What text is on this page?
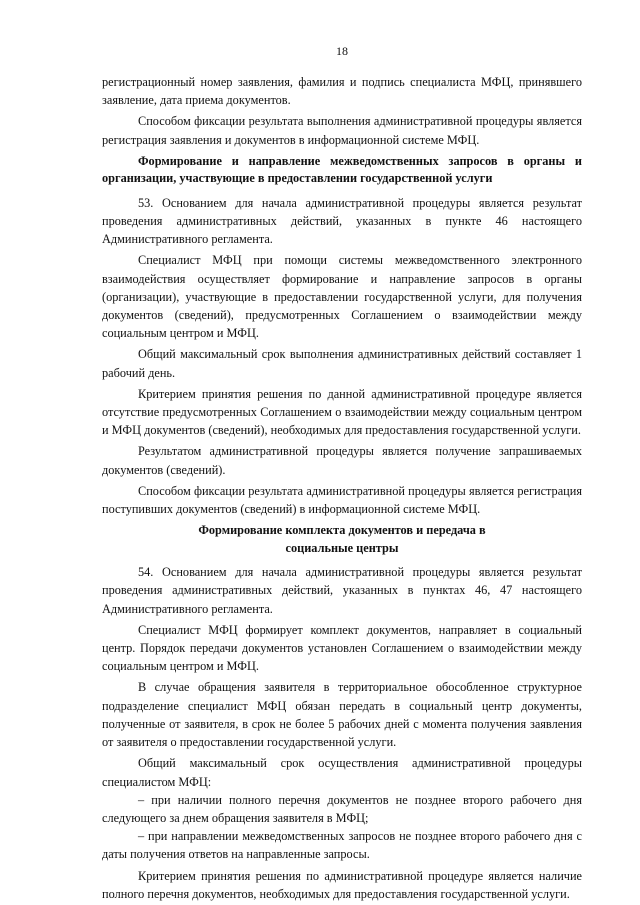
18

регистрационный номер заявления, фамилия и подпись специалиста МФЦ, принявшего заявление, дата приема документов.

Способом фиксации результата выполнения административной процедуры является регистрация заявления и документов в информационной системе МФЦ.

Формирование и направление межведомственных запросов в органы и организации, участвующие в предоставлении государственной услуги

53. Основанием для начала административной процедуры является результат проведения административных действий, указанных в пункте 46 настоящего Административного регламента.

Специалист МФЦ при помощи системы межведомственного электронного взаимодействия осуществляет формирование и направление запросов в органы (организации), участвующие в предоставлении государственной услуги, для получения документов (сведений), предусмотренных Соглашением о взаимодействии между социальным центром и МФЦ.

Общий максимальный срок выполнения административных действий составляет 1 рабочий день.

Критерием принятия решения по данной административной процедуре является отсутствие предусмотренных Соглашением о взаимодействии между социальным центром и МФЦ документов (сведений), необходимых для предоставления государственной услуги.

Результатом административной процедуры является получение запрашиваемых документов (сведений).

Способом фиксации результата административной процедуры является регистрация поступивших документов (сведений) в информационной системе МФЦ.

Формирование комплекта документов и передача в
социальные центры

54. Основанием для начала административной процедуры является результат проведения административных действий, указанных в пунктах 46, 47 настоящего Административного регламента.

Специалист МФЦ формирует комплект документов, направляет в социальный центр. Порядок передачи документов установлен Соглашением о взаимодействии между социальным центром и МФЦ.

В случае обращения заявителя в территориальное обособленное структурное подразделение специалист МФЦ обязан передать в социальный центр документы, полученные от заявителя, в срок не более 5 рабочих дней с момента получения заявления от заявителя о предоставлении государственной услуги.

Общий максимальный срок осуществления административной процедуры специалистом МФЦ:

– при наличии полного перечня документов не позднее второго рабочего дня следующего за днем обращения заявителя в МФЦ;

– при направлении межведомственных запросов не позднее второго рабочего дня с даты получения ответов на направленные запросы.

Критерием принятия решения по административной процедуре является наличие полного перечня документов, необходимых для предоставления государственной услуги.
